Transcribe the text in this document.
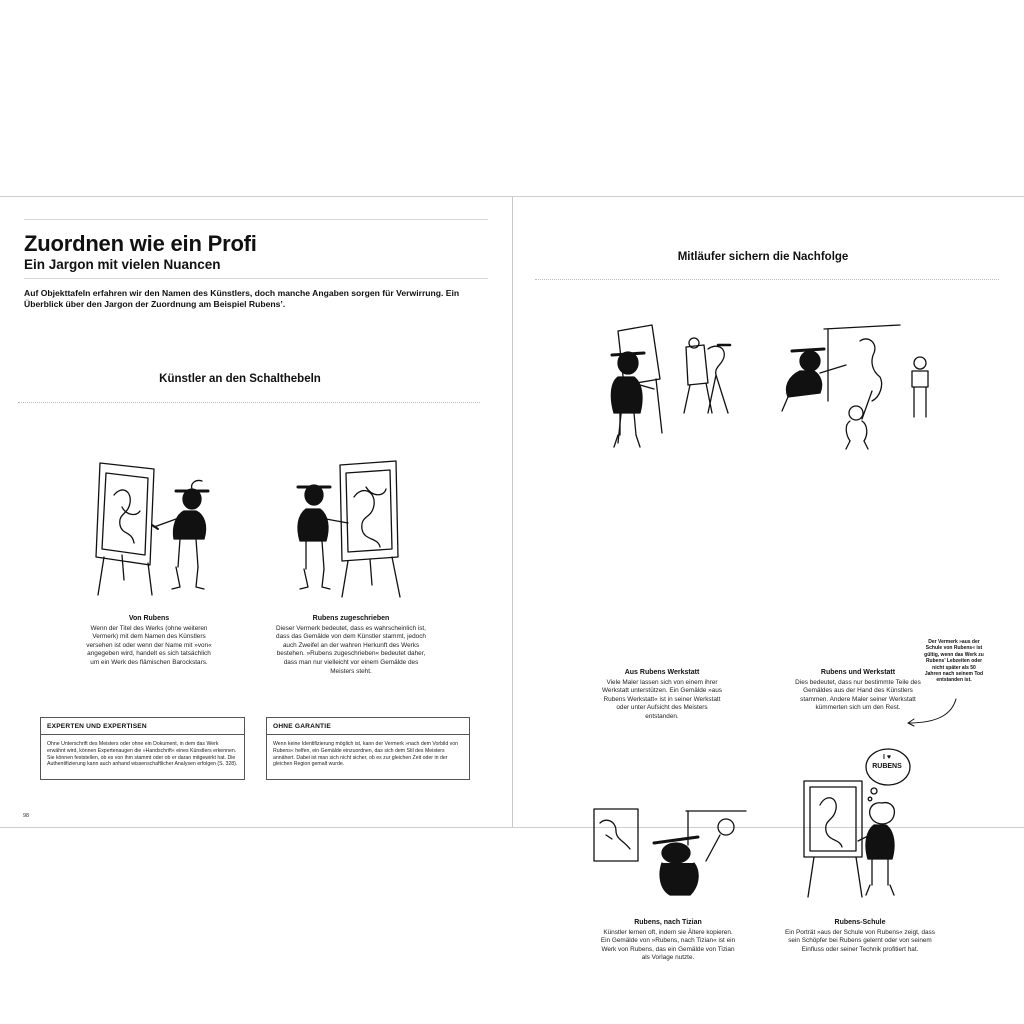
Zuordnen wie ein Profi
Ein Jargon mit vielen Nuancen
Auf Objekttafeln erfahren wir den Namen des Künstlers, doch manche Angaben sorgen für Verwirrung. Ein Überblick über den Jargon der Zuordnung am Beispiel Rubens’.
Künstler an den Schalthebeln
Von Rubens
Wenn der Titel des Werks (ohne weiteren Vermerk) mit dem Namen des Künstlers versehen ist oder wenn der Name mit »von« angegeben wird, handelt es sich tatsächlich um ein Werk des flämischen Barockstars.
Rubens zugeschrieben
Dieser Vermerk bedeutet, dass es wahrscheinlich ist, dass das Gemälde von dem Künstler stammt, jedoch auch Zweifel an der wahren Herkunft des Werks bestehen. »Rubens zugeschrieben« bedeutet daher, dass man nur vielleicht vor einem Gemälde des Meisters steht.
EXPERTEN UND EXPERTISEN
Ohne Unterschrift des Meisters oder ohne ein Dokument, in dem das Werk erwähnt wird, können Expertenaugen die »Handschrift« eines Künstlers erkennen. Sie können feststellen, ob es von ihm stammt oder ob er daran mitgewirkt hat. Die Authentifizierung kann auch anhand wissenschaftlicher Analysen erfolgen (S. 328).
OHNE GARANTIE
Wenn keine Identifizierung möglich ist, kann der Vermerk »nach dem Vorbild von Rubens« helfen, ein Gemälde einzuordnen, das sich dem Stil des Meisters annähert. Dabei ist man sich nicht sicher, ob es zur gleichen Zeit oder in der gleichen Region gemalt wurde.
98
Mitläufer sichern die Nachfolge
Der Vermerk »aus der Schule von Rubens« ist gültig, wenn das Werk zu Rubens’ Lebzeiten oder nicht später als 50 Jahren nach seinem Tod entstanden ist.
I ♥
RUBENS
Aus Rubens Werkstatt
Viele Maler lassen sich von einem ihrer Werkstatt unterstützen. Ein Gemälde »aus Rubens Werkstatt« ist in seiner Werkstatt oder unter Aufsicht des Meisters entstanden.
Rubens und Werkstatt
Dies bedeutet, dass nur bestimmte Teile des Gemäldes aus der Hand des Künstlers stammen. Andere Maler seiner Werkstatt kümmerten sich um den Rest.
Rubens, nach Tizian
Künstler lernen oft, indem sie Ältere kopieren. Ein Gemälde von »Rubens, nach Tizian« ist ein Werk von Rubens, das ein Gemälde von Tizian als Vorlage nutzte.
Rubens-Schule
Ein Porträt »aus der Schule von Rubens« zeigt, dass sein Schöpfer bei Rubens gelernt oder von seinem Einfluss oder seiner Technik profitiert hat.
